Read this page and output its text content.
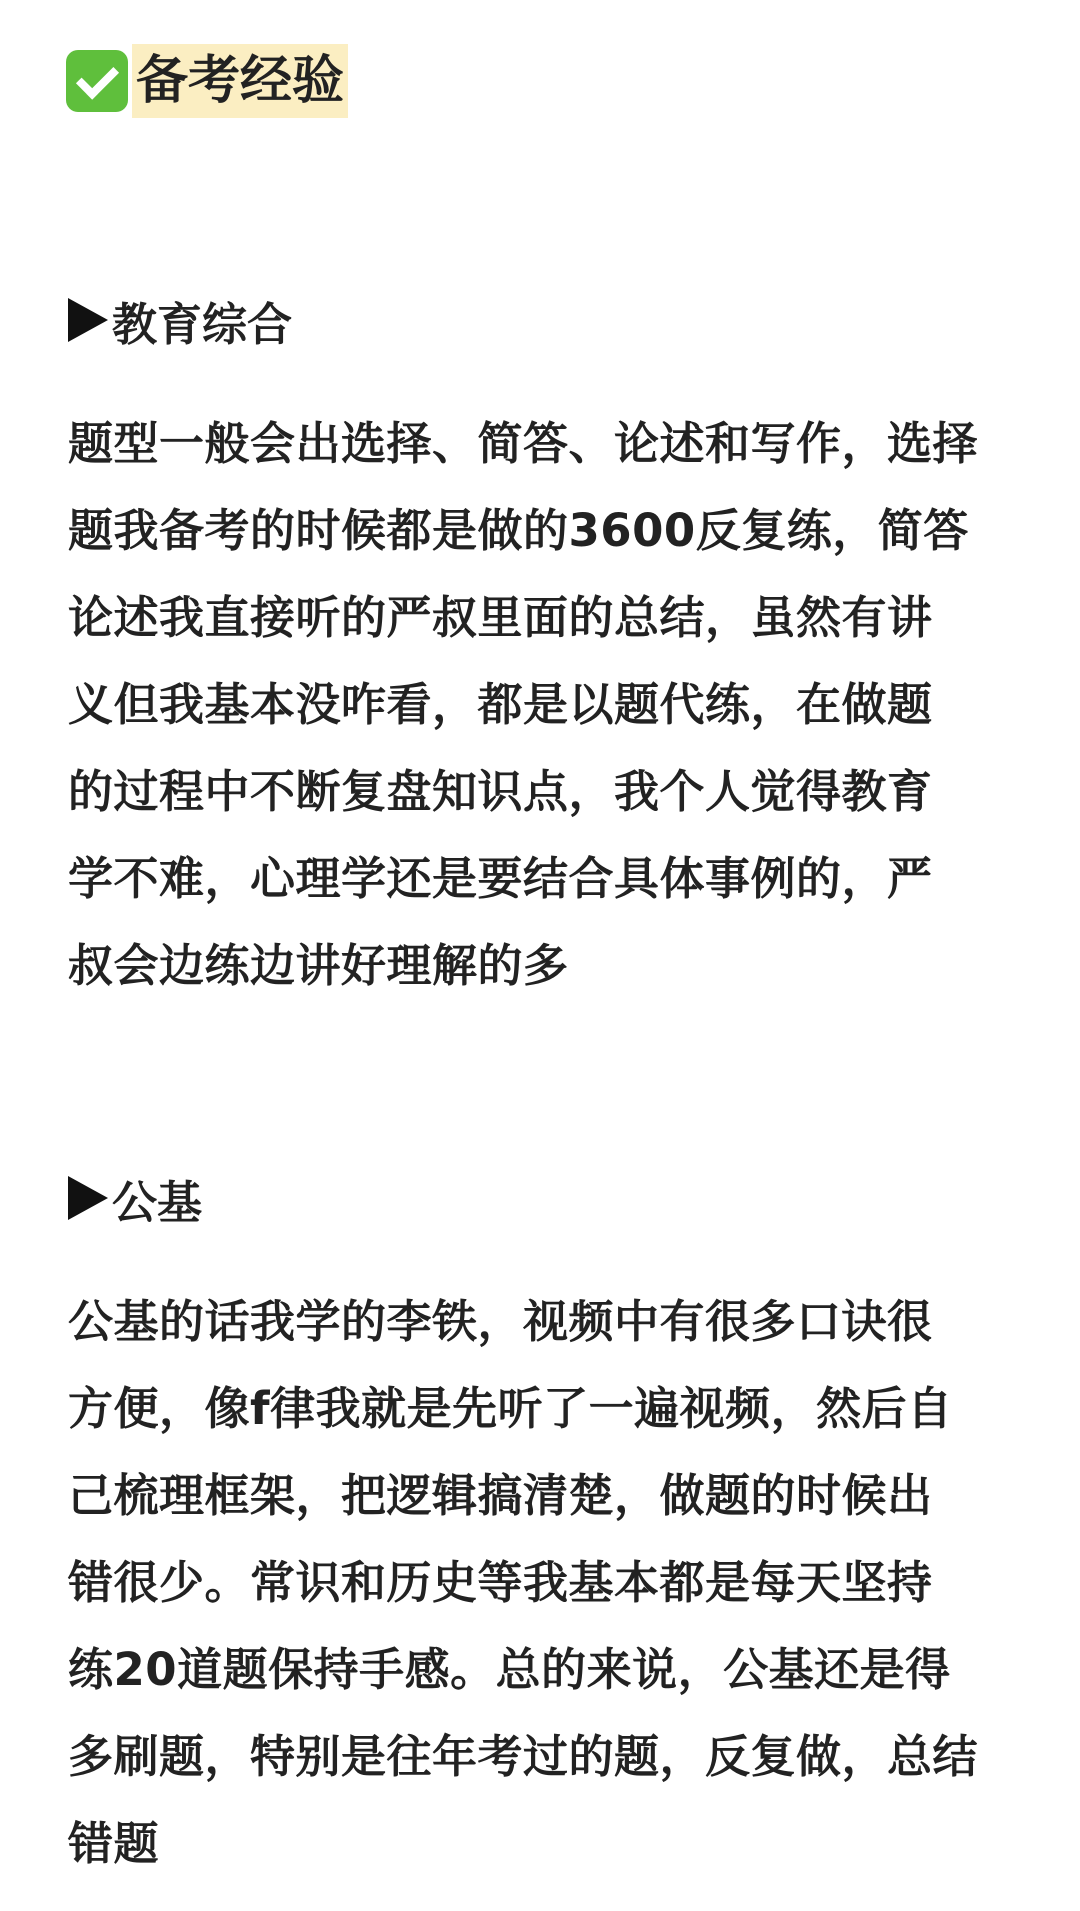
备考经验
教育综合
题型一般会出选择、简答、论述和写作，选择
题我备考的时候都是做的3600反复练，简答
论述我直接听的严叔里面的总结，虽然有讲
义但我基本没咋看，都是以题代练，在做题
的过程中不断复盘知识点，我个人觉得教育
学不难，心理学还是要结合具体事例的，严
叔会边练边讲好理解的多
公基
公基的话我学的李铁，视频中有很多口诀很
方便，像f律我就是先听了一遍视频，然后自
己梳理框架，把逻辑搞清楚，做题的时候出
错很少。常识和历史等我基本都是每天坚持
练20道题保持手感。总的来说，公基还是得
多刷题，特别是往年考过的题，反复做，总结
错题
